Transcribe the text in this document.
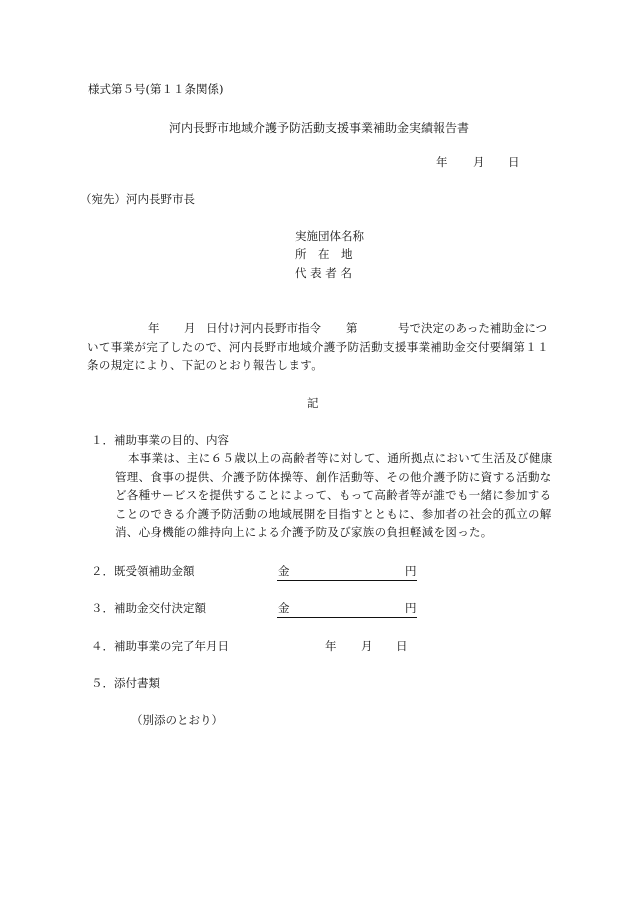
様式第５号(第１１条関係)
河内長野市地域介護予防活動支援事業補助金実績報告書
年 月 日
（宛先）河内長野市長
実施団体名称
所　在　地
代 表 者 名
年 月 日付け河内長野市指令 第	号で決定のあった補助金につ
いて事業が完了したので、河内長野市地域介護予防活動支援事業補助金交付要綱第１１
条の規定により、下記のとおり報告します。
記
１．補助事業の目的、内容
本事業は、主に６５歳以上の高齢者等に対して、通所拠点において生活及び健康
管理、食事の提供、介護予防体操等、創作活動等、その他介護予防に資する活動な
ど各種サービスを提供することによって、もって高齢者等が誰でも一緒に参加する
ことのできる介護予防活動の地域展開を目指すとともに、参加者の社会的孤立の解
消、心身機能の維持向上による介護予防及び家族の負担軽減を図った。
２．既受領補助金額	金	円
３．補助金交付決定額	金	円
４．補助事業の完了年月日	年 月 日
５．添付書類
（別添のとおり）
